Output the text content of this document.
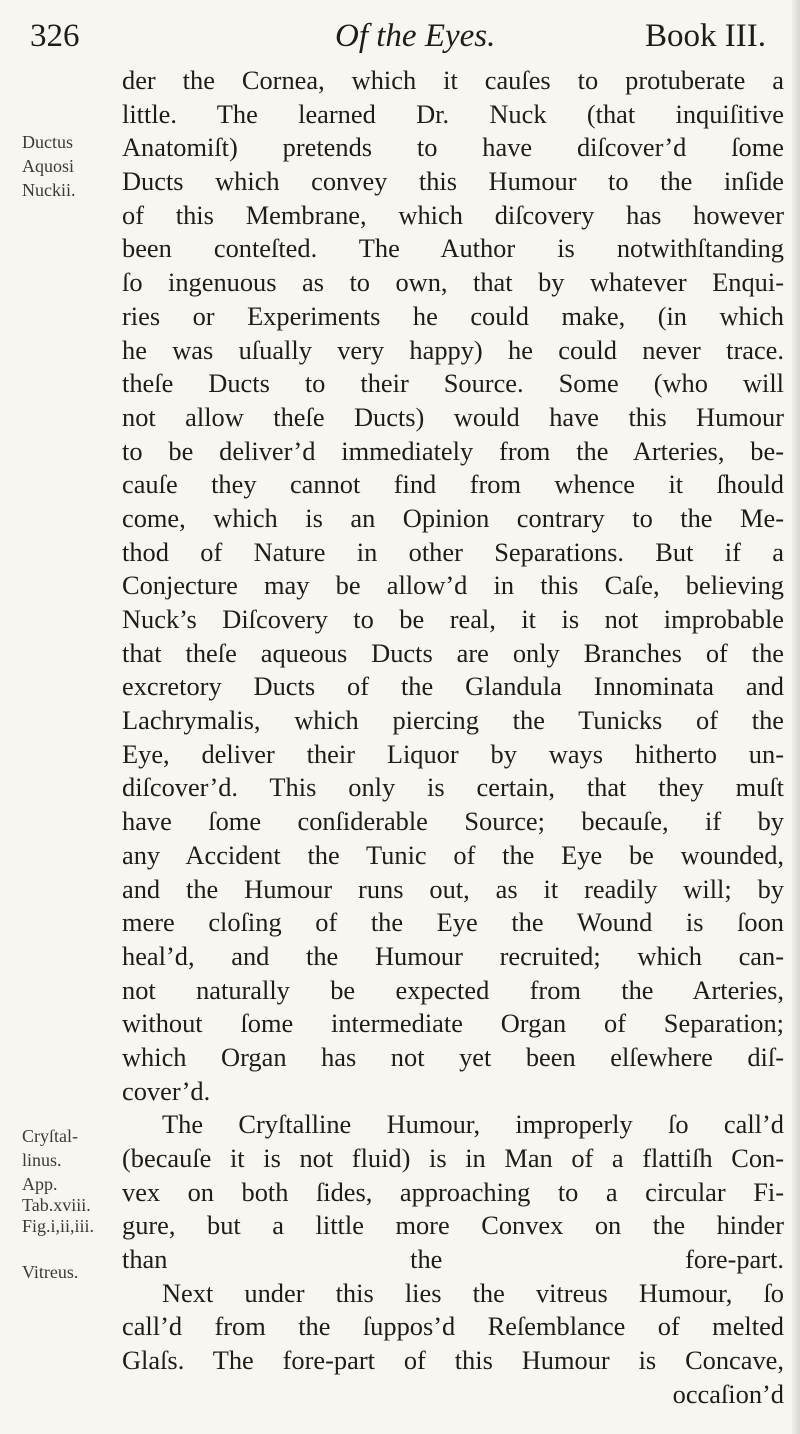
326	Of the Eyes.	Book III.
Ductus
Aquosi
Nuckii.
Cryſtal-
linus.
App.
Tab.xviii.
Fig.i,ii,iii.
Vitreus.
der the Cornea, which it cauſes to protuberate a
little. The learned Dr. Nuck (that inquiſitive
Anatomiſt) pretends to have diſcover’d ſome
Ducts which convey this Humour to the inſide
of this Membrane, which diſcovery has however
been conteſted. The Author is notwithſtanding
ſo ingenuous as to own, that by whatever Enqui-
ries or Experiments he could make, (in which
he was uſually very happy) he could never trace.
theſe Ducts to their Source. Some (who will
not allow theſe Ducts) would have this Humour
to be deliver’d immediately from the Arteries, be-
cauſe they cannot find from whence it ſhould
come, which is an Opinion contrary to the Me-
thod of Nature in other Separations. But if a
Conjecture may be allow’d in this Caſe, believing
Nuck’s Diſcovery to be real, it is not improbable
that theſe aqueous Ducts are only Branches of the
excretory Ducts of the Glandula Innominata and
Lachrymalis, which piercing the Tunicks of the
Eye, deliver their Liquor by ways hitherto un-
diſcover’d. This only is certain, that they muſt
have ſome conſiderable Source; becauſe, if by
any Accident the Tunic of the Eye be wounded,
and the Humour runs out, as it readily will; by
mere cloſing of the Eye the Wound is ſoon
heal’d, and the Humour recruited; which can-
not naturally be expected from the Arteries,
without ſome intermediate Organ of Separation;
which Organ has not yet been elſewhere diſ-
cover’d.
The Cryſtalline Humour, improperly ſo call’d
(becauſe it is not fluid) is in Man of a flattiſh Con-
vex on both ſides, approaching to a circular Fi-
gure, but a little more Convex on the hinder
than the fore-part.
Next under this lies the vitreus Humour, ſo
call’d from the ſuppos’d Reſemblance of melted
Glaſs. The fore-part of this Humour is Concave,
occaſion’d
